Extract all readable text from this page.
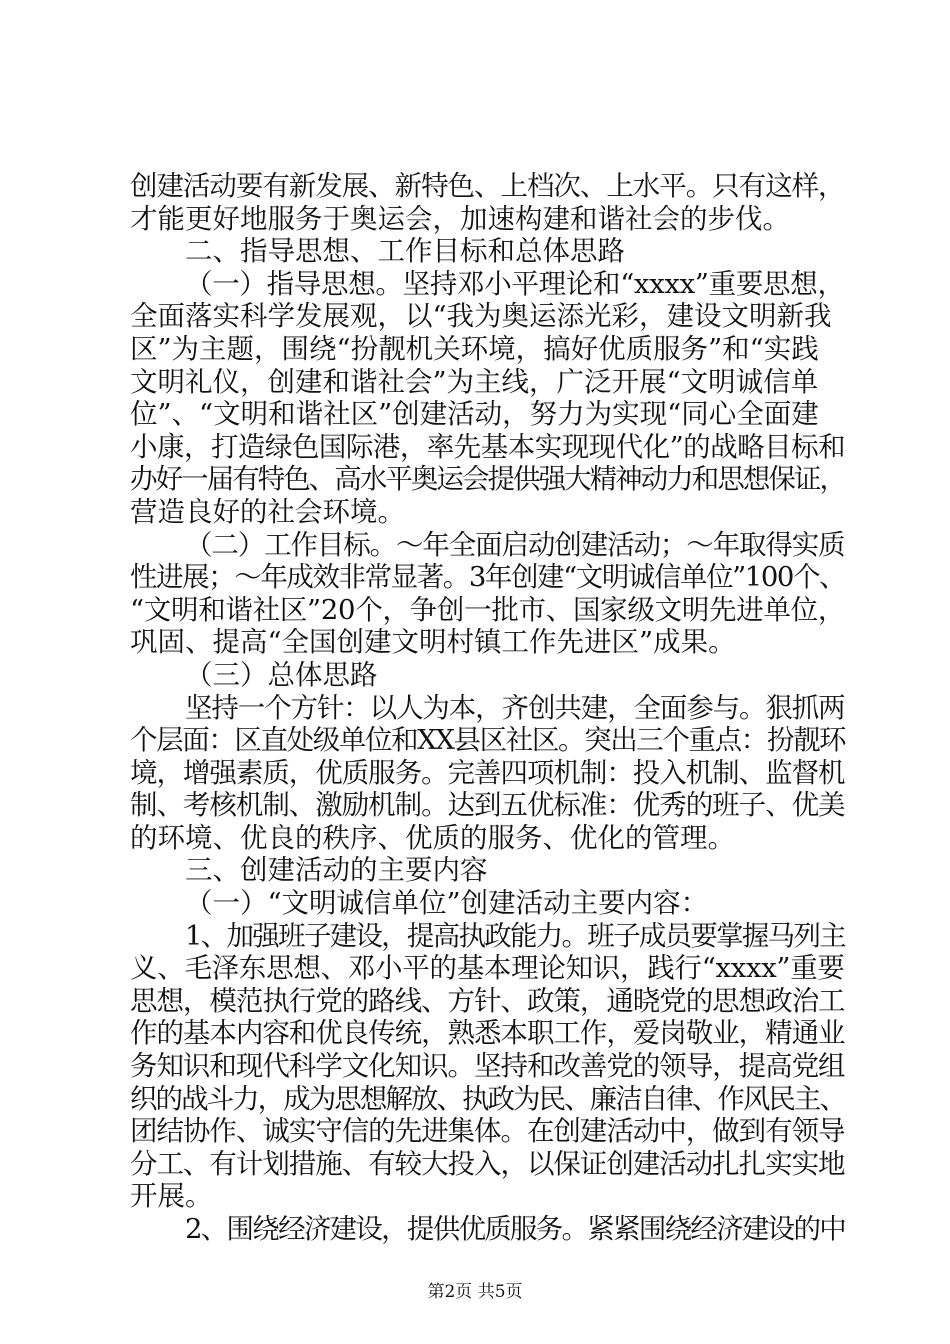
创建活动要有新发展、新特色、上档次、上水平。只有这样，
才能更好地服务于奥运会，加速构建和谐社会的步伐。
二、指导思想、工作目标和总体思路
（一）指导思想。坚持邓小平理论和“xxxx”重要思想，
全面落实科学发展观，以“我为奥运添光彩，建设文明新我
区”为主题，围绕“扮靓机关环境，搞好优质服务”和“实践
文明礼仪，创建和谐社会”为主线，广泛开展“文明诚信单
位”、“文明和谐社区”创建活动，努力为实现“同心全面建
小康，打造绿色国际港，率先基本实现现代化”的战略目标和
办好一届有特色、高水平奥运会提供强大精神动力和思想保证，
营造良好的社会环境。
（二）工作目标。～年全面启动创建活动；～年取得实质
性进展；～年成效非常显著。3年创建“文明诚信单位”100个、
“文明和谐社区”20个，争创一批市、国家级文明先进单位，
巩固、提高“全国创建文明村镇工作先进区”成果。
（三）总体思路
坚持一个方针：以人为本，齐创共建，全面参与。狠抓两
个层面：区直处级单位和XX县区社区。突出三个重点：扮靓环
境，增强素质，优质服务。完善四项机制：投入机制、监督机
制、考核机制、激励机制。达到五优标准：优秀的班子、优美
的环境、优良的秩序、优质的服务、优化的管理。
三、创建活动的主要内容
（一）“文明诚信单位”创建活动主要内容：
1、加强班子建设，提高执政能力。班子成员要掌握马列主
义、毛泽东思想、邓小平的基本理论知识，践行“xxxx”重要
思想，模范执行党的路线、方针、政策，通晓党的思想政治工
作的基本内容和优良传统，熟悉本职工作，爱岗敬业，精通业
务知识和现代科学文化知识。坚持和改善党的领导，提高党组
织的战斗力，成为思想解放、执政为民、廉洁自律、作风民主、
团结协作、诚实守信的先进集体。在创建活动中，做到有领导
分工、有计划措施、有较大投入，以保证创建活动扎扎实实地
开展。
2、围绕经济建设，提供优质服务。紧紧围绕经济建设的中
第2页 共5页
